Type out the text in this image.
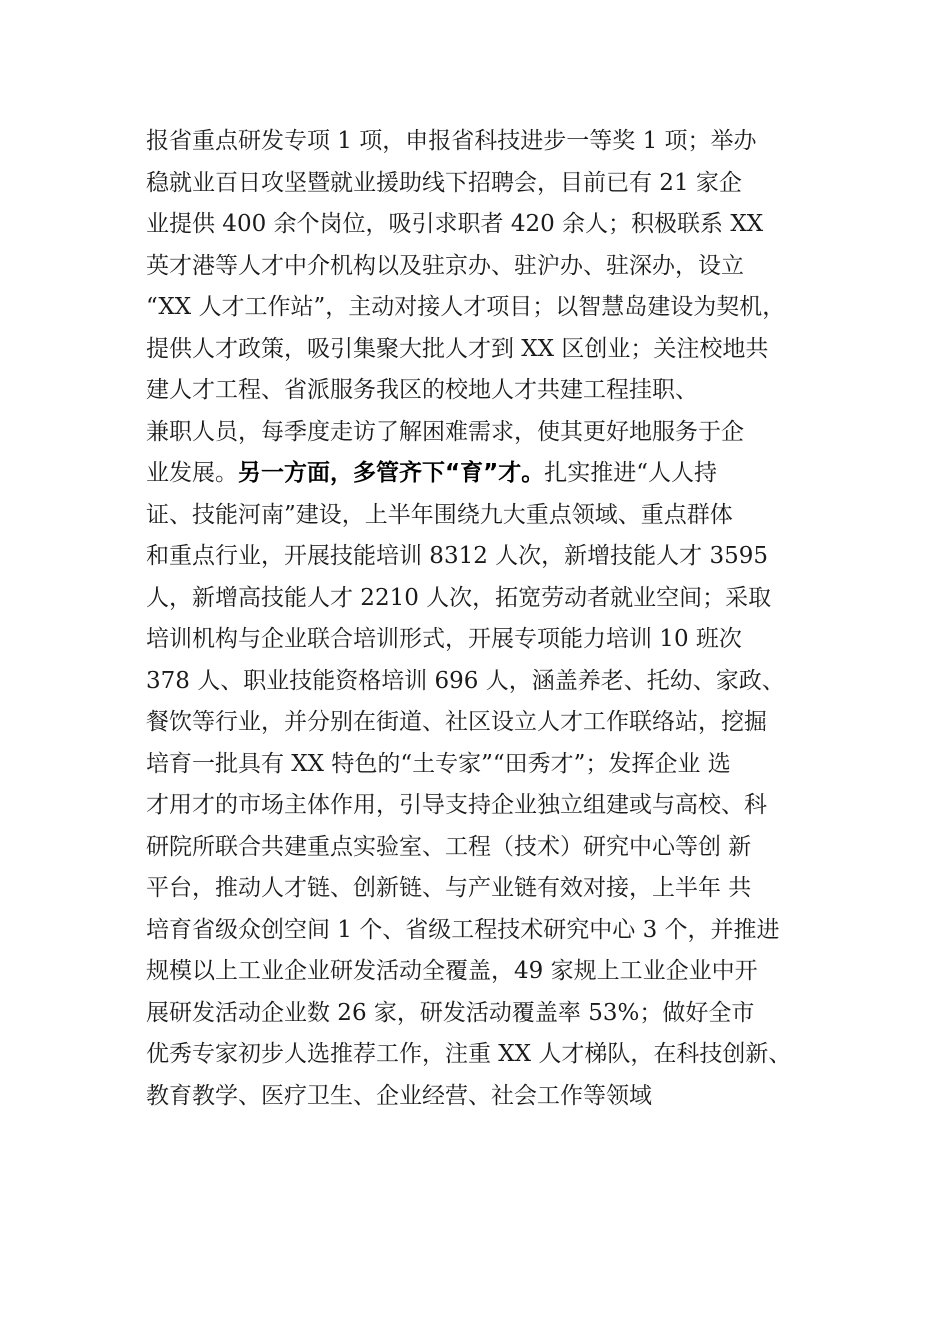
报省重点研发专项 1 项，申报省科技进步一等奖 1 项；举办
稳就业百日攻坚暨就业援助线下招聘会，目前已有 21 家企
业提供 400 余个岗位，吸引求职者 420 余人；积极联系 XX
英才港等人才中介机构以及驻京办、驻沪办、驻深办，设立
“XX 人才工作站”，主动对接人才项目；以智慧岛建设为契机，
提供人才政策，吸引集聚大批人才到 XX 区创业；关注校地共
建人才工程、省派服务我区的校地人才共建工程挂职、
兼职人员，每季度走访了解困难需求，使其更好地服务于企
业发展。另一方面，多管齐下“育”才。扎实推进“人人持
证、技能河南”建设，上半年围绕九大重点领域、重点群体
和重点行业，开展技能培训 8312 人次，新增技能人才 3595
人，新增高技能人才 2210 人次，拓宽劳动者就业空间；采取
培训机构与企业联合培训形式，开展专项能力培训 10 班次
378 人、职业技能资格培训 696 人，涵盖养老、托幼、家政、
餐饮等行业，并分别在街道、社区设立人才工作联络站，挖掘
培育一批具有 XX 特色的“土专家”“田秀才”；发挥企业 选
才用才的市场主体作用，引导支持企业独立组建或与高校、科
研院所联合共建重点实验室、工程（技术）研究中心等创 新
平台，推动人才链、创新链、与产业链有效对接，上半年 共
培育省级众创空间 1 个、省级工程技术研究中心 3 个，并推进
规模以上工业企业研发活动全覆盖，49 家规上工业企业中开
展研发活动企业数 26 家，研发活动覆盖率 53%；做好全市
优秀专家初步人选推荐工作，注重 XX 人才梯队，在科技创新、
教育教学、医疗卫生、企业经营、社会工作等领域
